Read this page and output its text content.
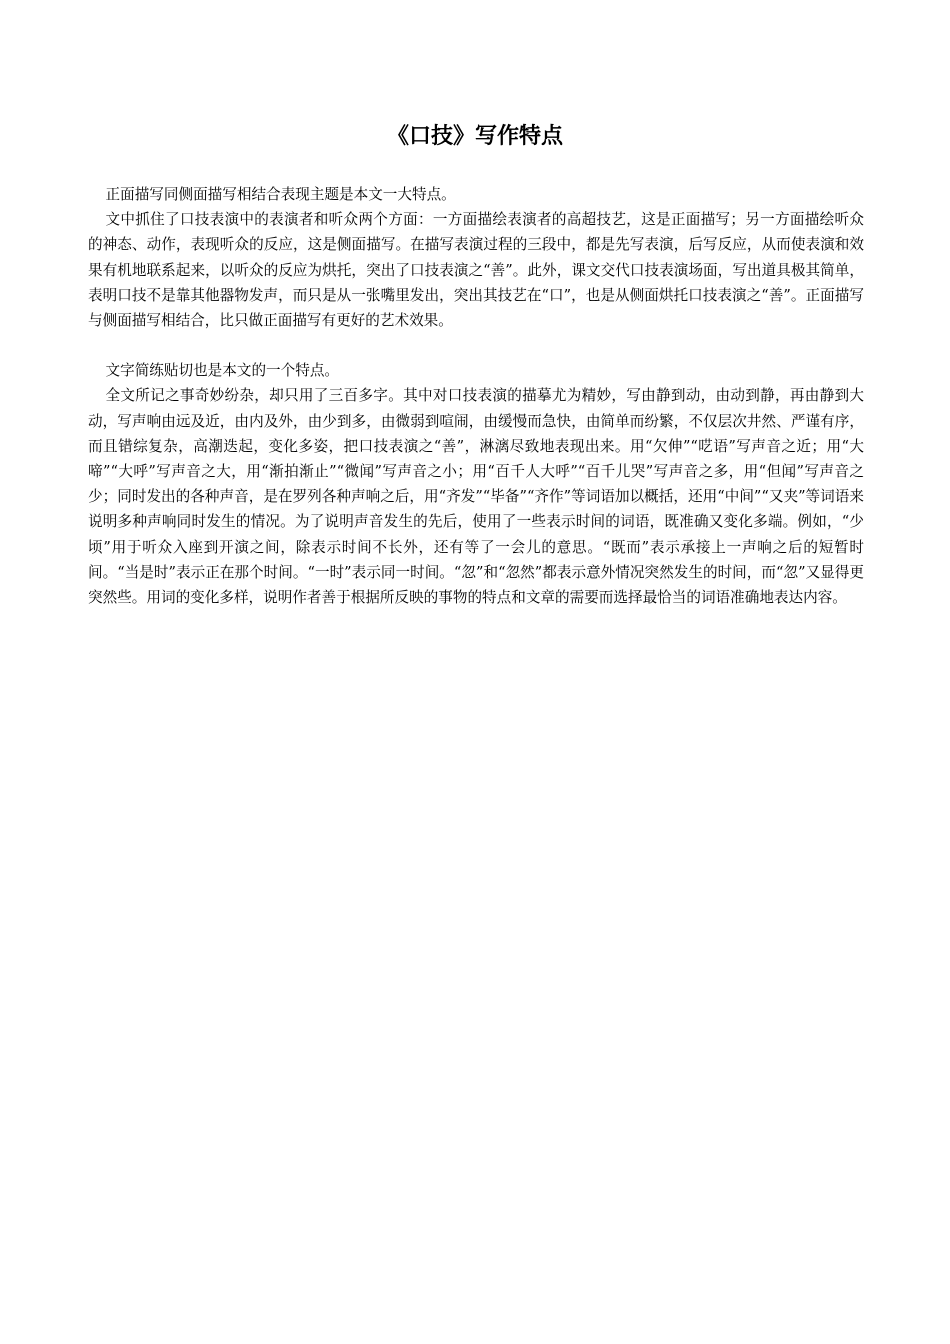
《口技》写作特点

正面描写同侧面描写相结合表现主题是本文一大特点。

文中抓住了口技表演中的表演者和听众两个方面：一方面描绘表演者的高超技艺，这是正面描写；另一方面描绘听众的神态、动作，表现听众的反应，这是侧面描写。在描写表演过程的三段中，都是先写表演，后写反应，从而使表演和效果有机地联系起来，以听众的反应为烘托，突出了口技表演之“善”。此外，课文交代口技表演场面，写出道具极其简单，表明口技不是靠其他器物发声，而只是从一张嘴里发出，突出其技艺在“口”，也是从侧面烘托口技表演之“善”。正面描写与侧面描写相结合，比只做正面描写有更好的艺术效果。

文字简练贴切也是本文的一个特点。

全文所记之事奇妙纷杂，却只用了三百多字。其中对口技表演的描摹尤为精妙，写由静到动，由动到静，再由静到大动，写声响由远及近，由内及外，由少到多，由微弱到喧闹，由缓慢而急快，由简单而纷繁，不仅层次井然、严谨有序，而且错综复杂，高潮迭起，变化多姿，把口技表演之“善”，淋漓尽致地表现出来。用“欠伸”“呓语”写声音之近；用“大啼”“大呼”写声音之大，用“渐拍渐止”“微闻”写声音之小；用“百千人大呼”“百千儿哭”写声音之多，用“但闻”写声音之少；同时发出的各种声音，是在罗列各种声响之后，用“齐发”“毕备”“齐作”等词语加以概括，还用“中间”“又夹”等词语来说明多种声响同时发生的情况。为了说明声音发生的先后，使用了一些表示时间的词语，既准确又变化多端。例如，“少顷”用于听众入座到开演之间，除表示时间不长外，还有等了一会儿的意思。“既而”表示承接上一声响之后的短暂时间。“当是时”表示正在那个时间。“一时”表示同一时间。“忽”和“忽然”都表示意外情况突然发生的时间，而“忽”又显得更突然些。用词的变化多样，说明作者善于根据所反映的事物的特点和文章的需要而选择最恰当的词语准确地表达内容。
